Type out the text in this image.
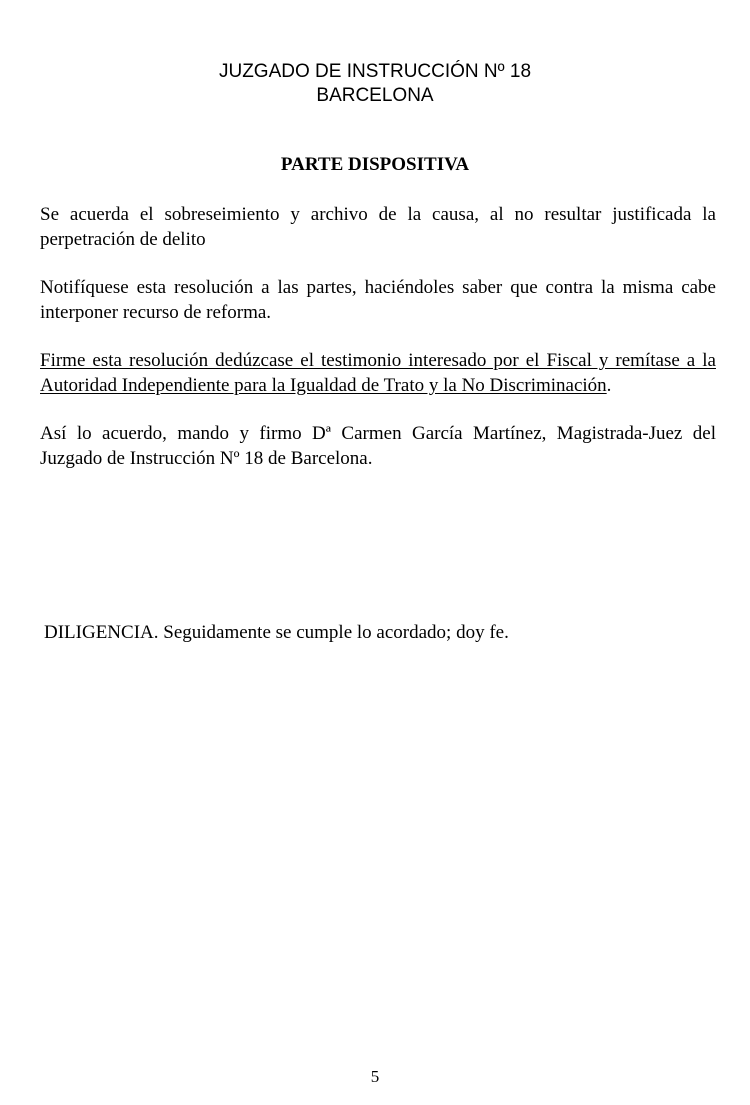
JUZGADO DE INSTRUCCIÓN Nº 18
BARCELONA
PARTE DISPOSITIVA
Se acuerda el sobreseimiento y archivo de la causa, al no resultar justificada la perpetración de delito
Notifíquese esta resolución a las partes, haciéndoles saber que contra la misma cabe interponer recurso de reforma.
Firme esta resolución dedúzcase el testimonio interesado por el Fiscal y remítase a la Autoridad Independiente para la Igualdad de Trato y la No Discriminación.
Así lo acuerdo, mando y firmo Dª Carmen García Martínez, Magistrada-Juez del Juzgado de Instrucción Nº 18 de Barcelona.
DILIGENCIA. Seguidamente se cumple lo acordado; doy fe.
5
